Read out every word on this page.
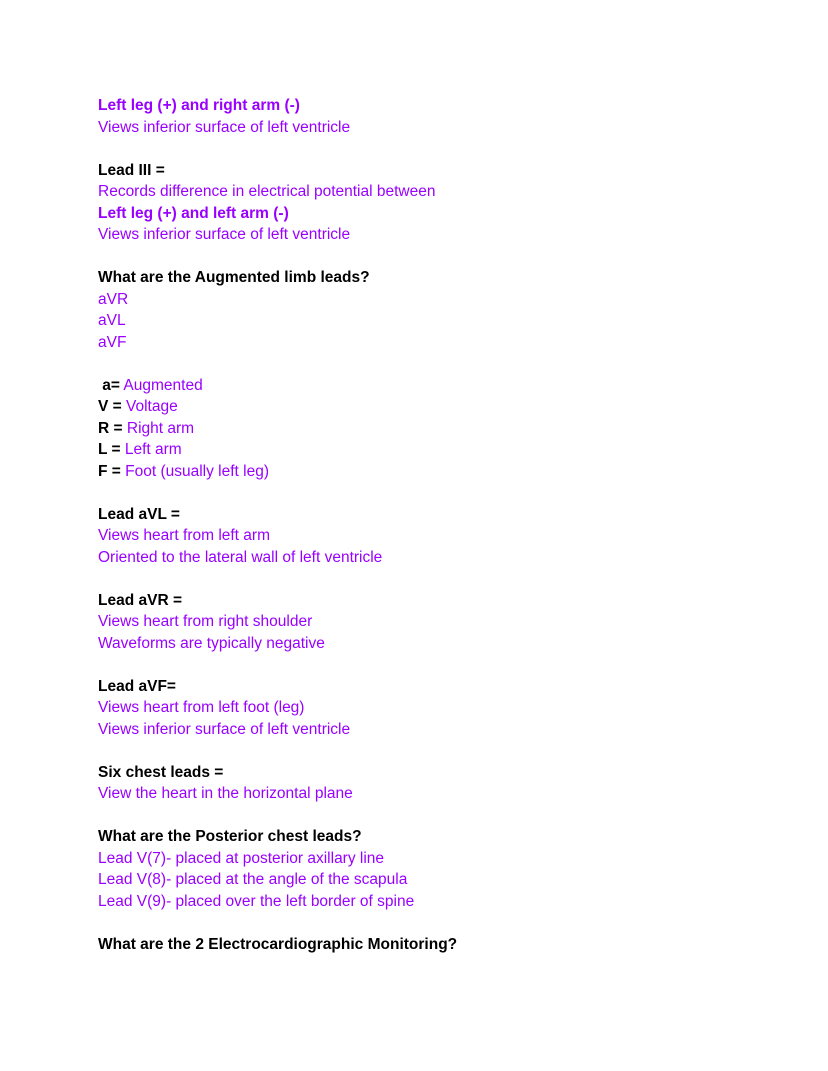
Left leg (+) and right arm (-)
Views inferior surface of left ventricle
Lead III =
Records difference in electrical potential between
Left leg (+) and left arm (-)
Views inferior surface of left ventricle
What are the Augmented limb leads?
aVR
aVL
aVF
a= Augmented
V = Voltage
R = Right arm
L = Left arm
F = Foot (usually left leg)
Lead aVL =
Views heart from left arm
Oriented to the lateral wall of left ventricle
Lead aVR =
Views heart from right shoulder
Waveforms are typically negative
Lead aVF=
Views heart from left foot (leg)
Views inferior surface of left ventricle
Six chest leads =
View the heart in the horizontal plane
What are the Posterior chest leads?
Lead V(7)- placed at posterior axillary line
Lead V(8)- placed at the angle of the scapula
Lead V(9)- placed over the left border of spine
What are the 2 Electrocardiographic Monitoring?
